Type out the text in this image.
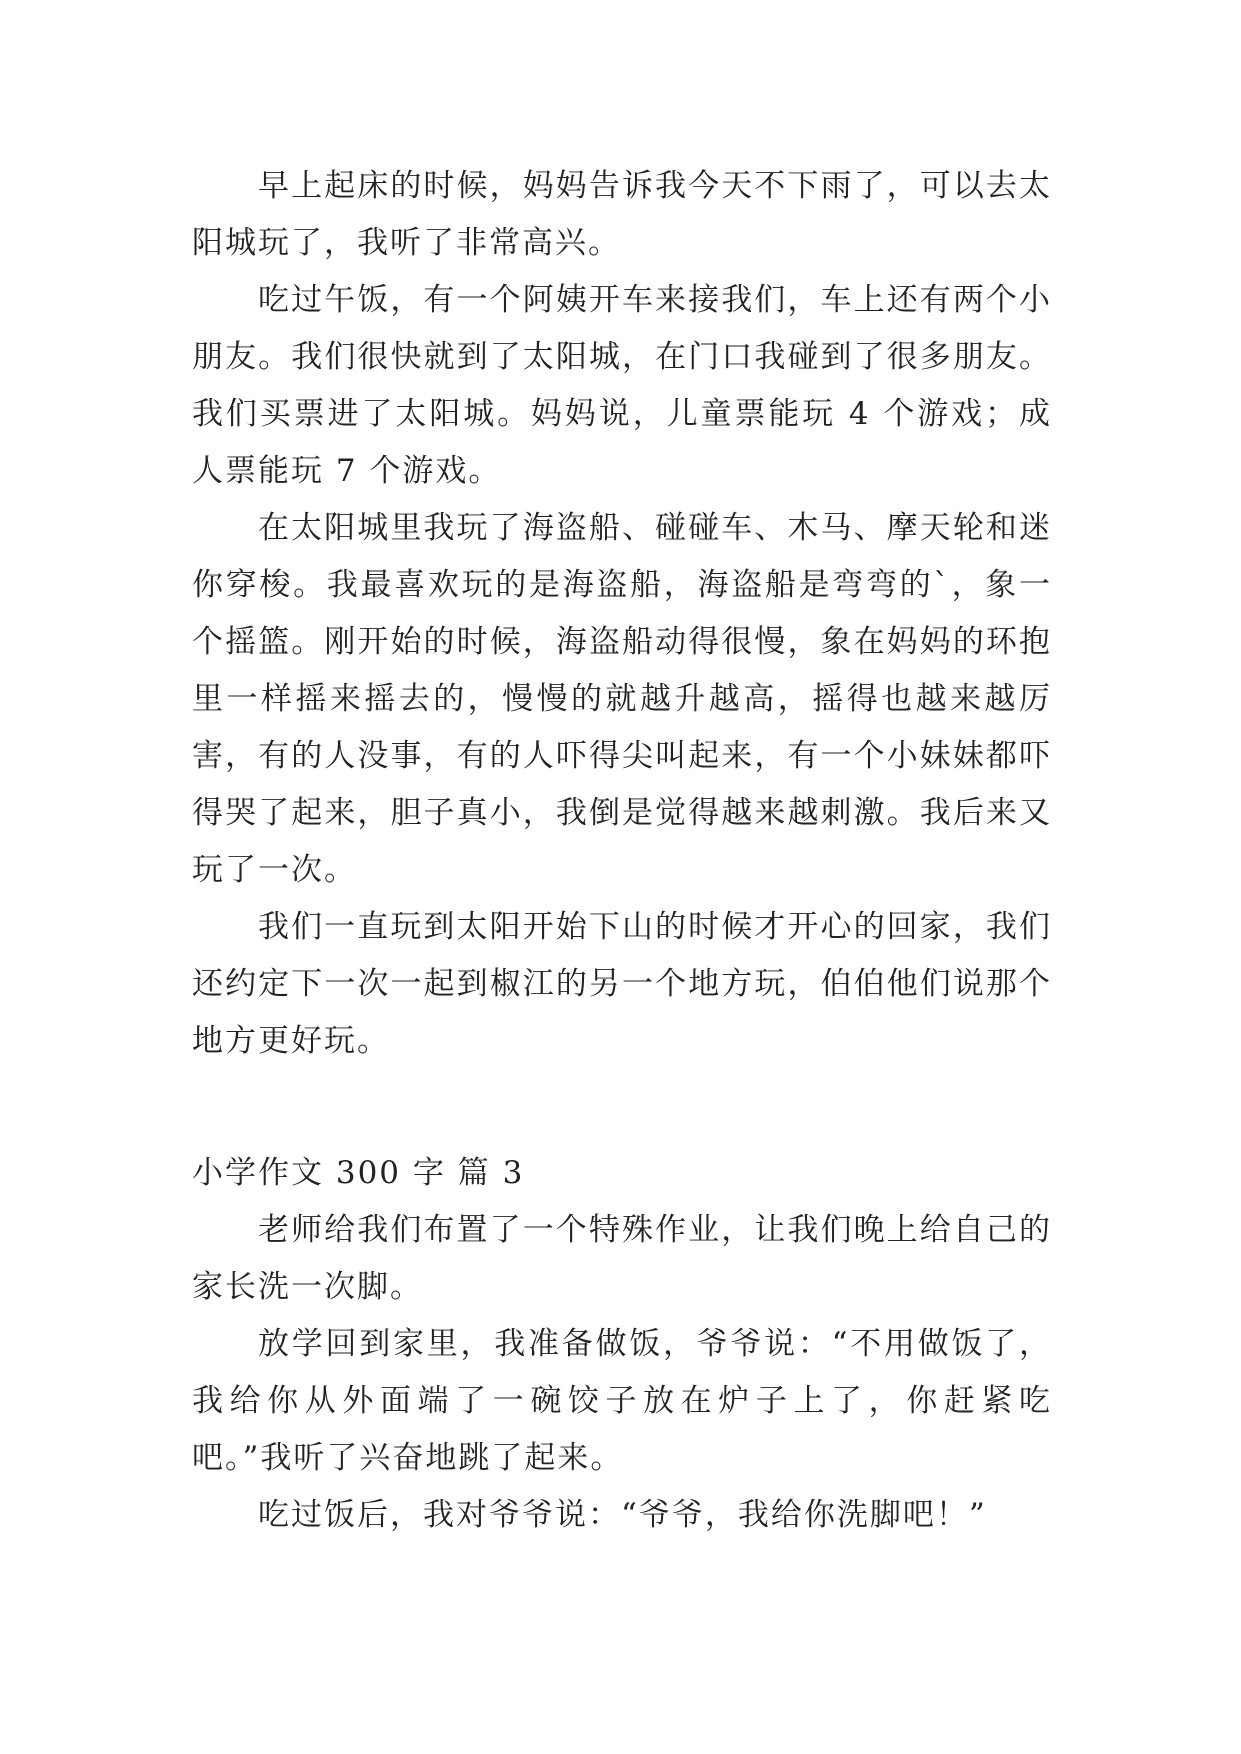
早上起床的时候，妈妈告诉我今天不下雨了，可以去太阳城玩了，我听了非常高兴。

吃过午饭，有一个阿姨开车来接我们，车上还有两个小朋友。我们很快就到了太阳城，在门口我碰到了很多朋友。我们买票进了太阳城。妈妈说，儿童票能玩 4 个游戏；成人票能玩 7 个游戏。

在太阳城里我玩了海盗船、碰碰车、木马、摩天轮和迷你穿梭。我最喜欢玩的是海盗船，海盗船是弯弯的`，象一个摇篮。刚开始的时候，海盗船动得很慢，象在妈妈的环抱里一样摇来摇去的，慢慢的就越升越高，摇得也越来越厉害，有的人没事，有的人吓得尖叫起来，有一个小妹妹都吓得哭了起来，胆子真小，我倒是觉得越来越刺激。我后来又玩了一次。

我们一直玩到太阳开始下山的时候才开心的回家，我们还约定下一次一起到椒江的另一个地方玩，伯伯他们说那个地方更好玩。

小学作文 300 字 篇 3

老师给我们布置了一个特殊作业，让我们晚上给自己的家长洗一次脚。

放学回到家里，我准备做饭，爷爷说：“不用做饭了，我给你从外面端了一碗饺子放在炉子上了，你赶紧吃吧。”我听了兴奋地跳了起来。

吃过饭后，我对爷爷说：“爷爷，我给你洗脚吧！”
